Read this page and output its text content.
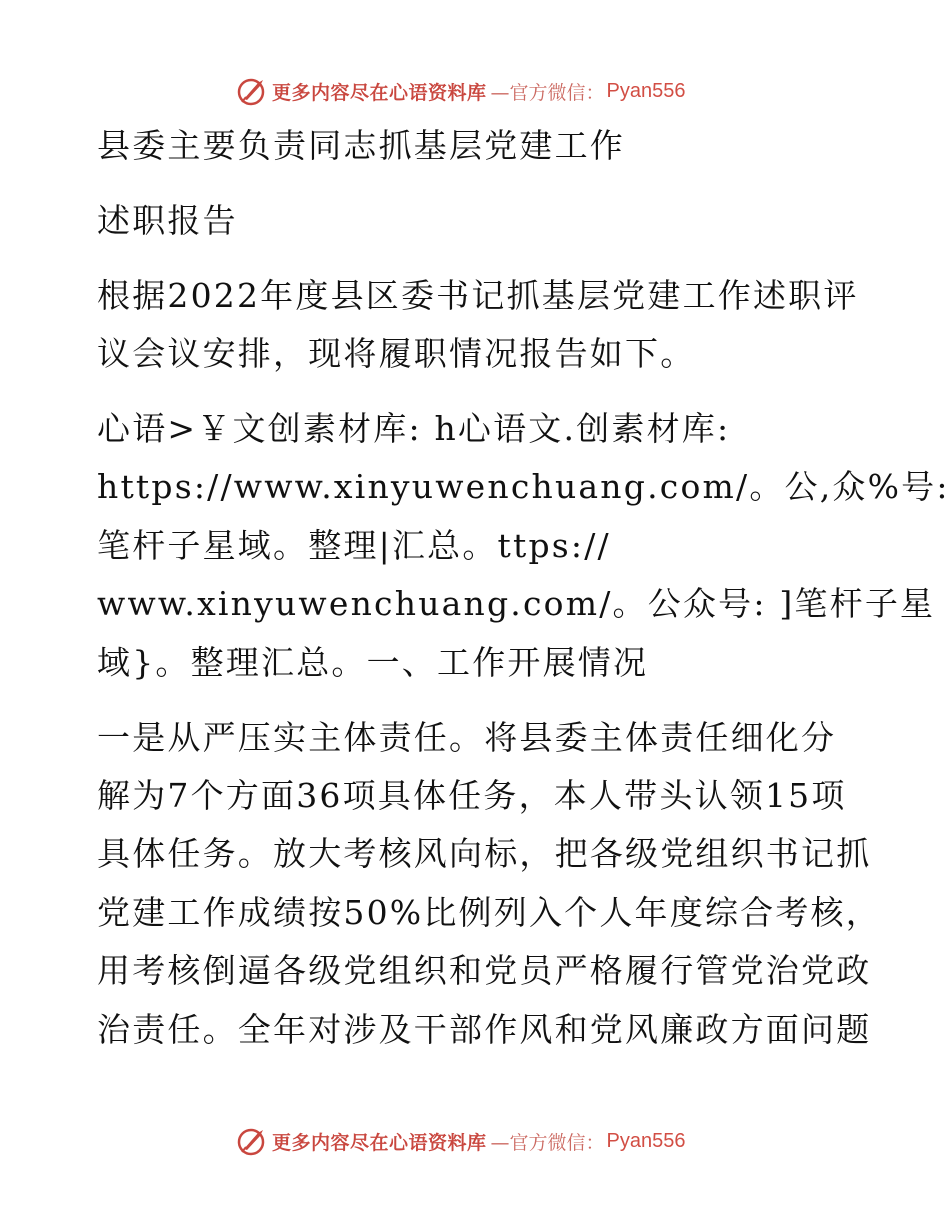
更多内容尽在心语资料库 —官方微信： Pyan556
县委主要负责同志抓基层党建工作
述职报告
根据2022年度县区委书记抓基层党建工作述职评
议会议安排，现将履职情况报告如下。
心语>￥文创素材库: h心语文.创素材库:
https://www.xinyuwenchuang.com/。公,众%号:
笔杆子星域。整理|汇总。ttps://
www.xinyuwenchuang.com/。公众号: ]笔杆子星
域}。整理汇总。一、工作开展情况
一是从严压实主体责任。将县委主体责任细化分
解为7个方面36项具体任务，本人带头认领15项
具体任务。放大考核风向标，把各级党组织书记抓
党建工作成绩按50%比例列入个人年度综合考核，
用考核倒逼各级党组织和党员严格履行管党治党政
治责任。全年对涉及干部作风和党风廉政方面问题
更多内容尽在心语资料库 —官方微信： Pyan556
